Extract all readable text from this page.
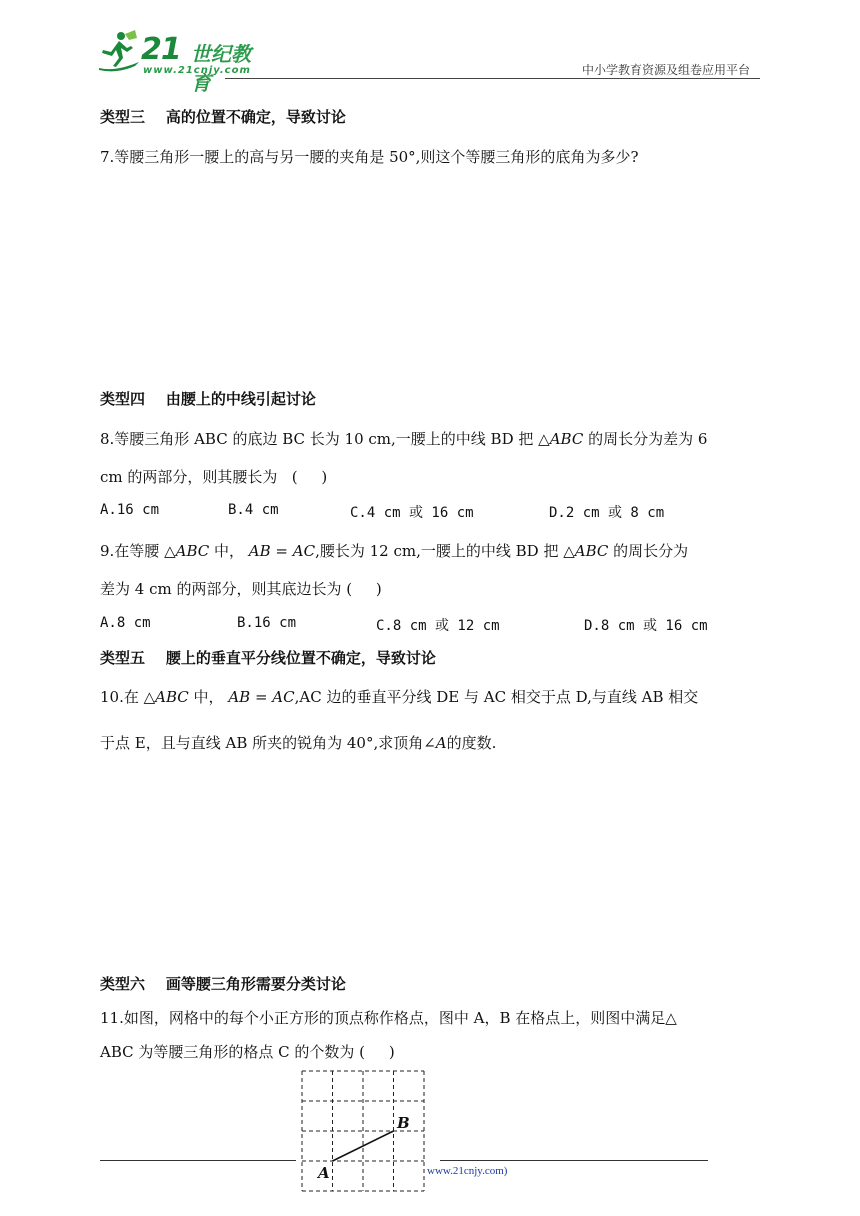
21 世纪教育
www.21cnjy.com	中小学教育资源及组卷应用平台
类型三    高的位置不确定，导致讨论
7.等腰三角形一腰上的高与另一腰的夹角是 50°,则这个等腰三角形的底角为多少?
类型四    由腰上的中线引起讨论
8.等腰三角形 ABC 的底边 BC 长为 10 cm,一腰上的中线 BD 把 △ABC 的周长分为差为 6
cm 的两部分，则其腰长为   (     )
A.16 cm	B.4 cm	C.4 cm 或 16 cm	D.2 cm 或 8 cm
9.在等腰 △ABC 中， AB = AC,腰长为 12 cm,一腰上的中线 BD 把 △ABC 的周长分为
差为 4 cm 的两部分，则其底边长为 (     )
A.8 cm	B.16 cm	C.8 cm 或 12 cm	D.8 cm 或 16 cm
类型五    腰上的垂直平分线位置不确定，导致讨论
10.在 △ABC 中， AB = AC,AC 边的垂直平分线 DE 与 AC 相交于点 D,与直线 AB 相交
于点 E，且与直线 AB 所夹的锐角为 40°,求顶角∠A的度数.
类型六    画等腰三角形需要分类讨论
11.如图，网格中的每个小正方形的顶点称作格点，图中 A，B 在格点上，则图中满足△
ABC 为等腰三角形的格点 C 的个数为 (     )
A
B
www.21cnjy.com)
